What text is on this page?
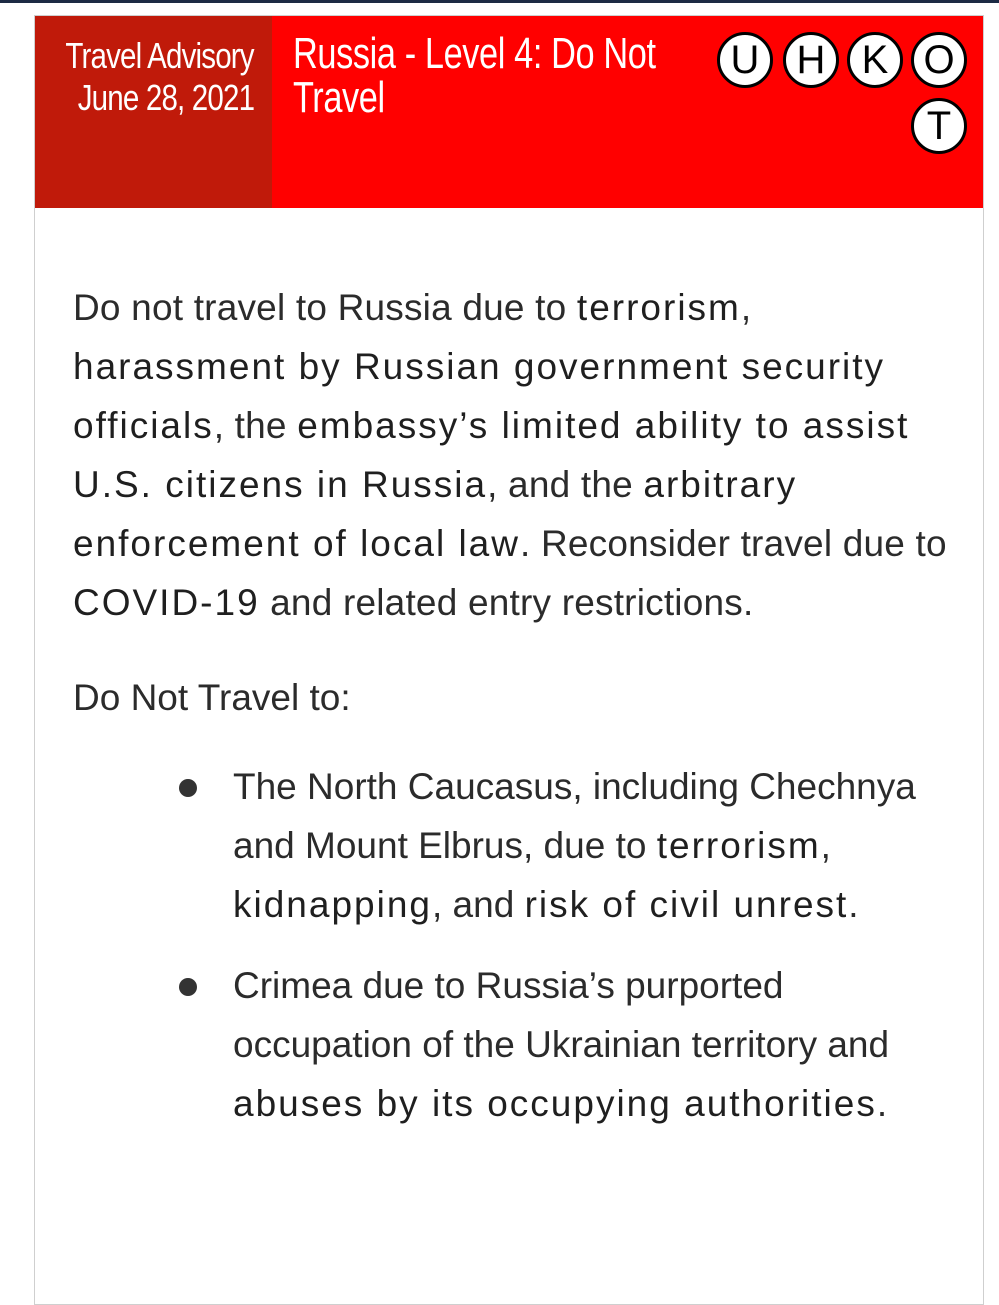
Travel Advisory
June 28, 2021
Russia - Level 4: Do Not Travel
U H K O
T

Do not travel to Russia due to terrorism, harassment by Russian government security officials, the embassy’s limited ability to assist U.S. citizens in Russia, and the arbitrary enforcement of local law. Reconsider travel due to COVID-19 and related entry restrictions.

Do Not Travel to:

The North Caucasus, including Chechnya and Mount Elbrus, due to terrorism, kidnapping, and risk of civil unrest.
Crimea due to Russia’s purported occupation of the Ukrainian territory and abuses by its occupying authorities.
